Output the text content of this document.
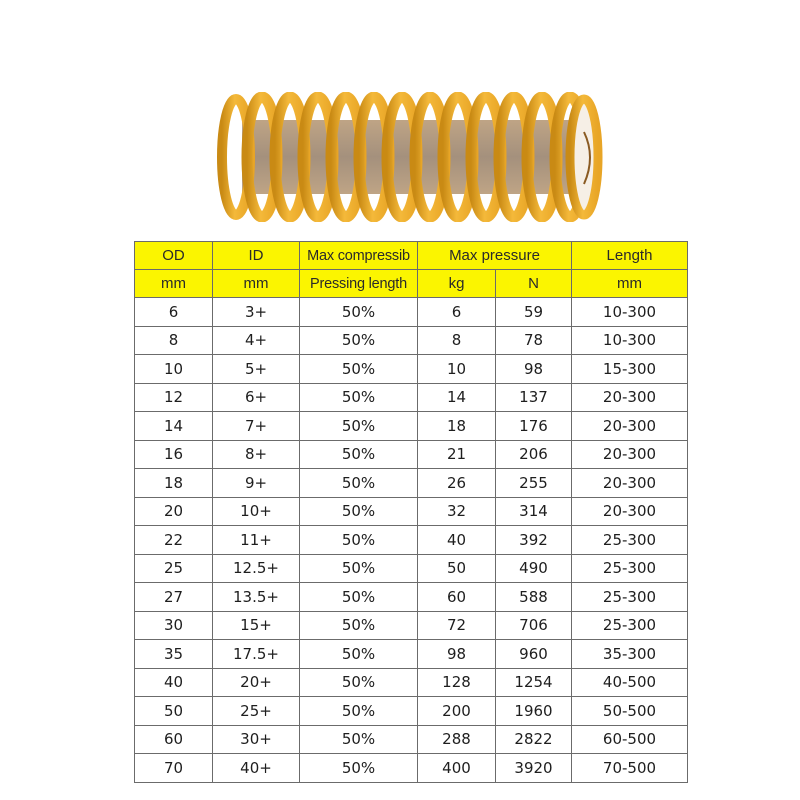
OD	ID	Max compressib	Max pressure		Length
mm	mm	Pressing length	kg	N	mm
6	3+	50%	6	59	10-300
8	4+	50%	8	78	10-300
10	5+	50%	10	98	15-300
12	6+	50%	14	137	20-300
14	7+	50%	18	176	20-300
16	8+	50%	21	206	20-300
18	9+	50%	26	255	20-300
20	10+	50%	32	314	20-300
22	11+	50%	40	392	25-300
25	12.5+	50%	50	490	25-300
27	13.5+	50%	60	588	25-300
30	15+	50%	72	706	25-300
35	17.5+	50%	98	960	35-300
40	20+	50%	128	1254	40-500
50	25+	50%	200	1960	50-500
60	30+	50%	288	2822	60-500
70	40+	50%	400	3920	70-500
